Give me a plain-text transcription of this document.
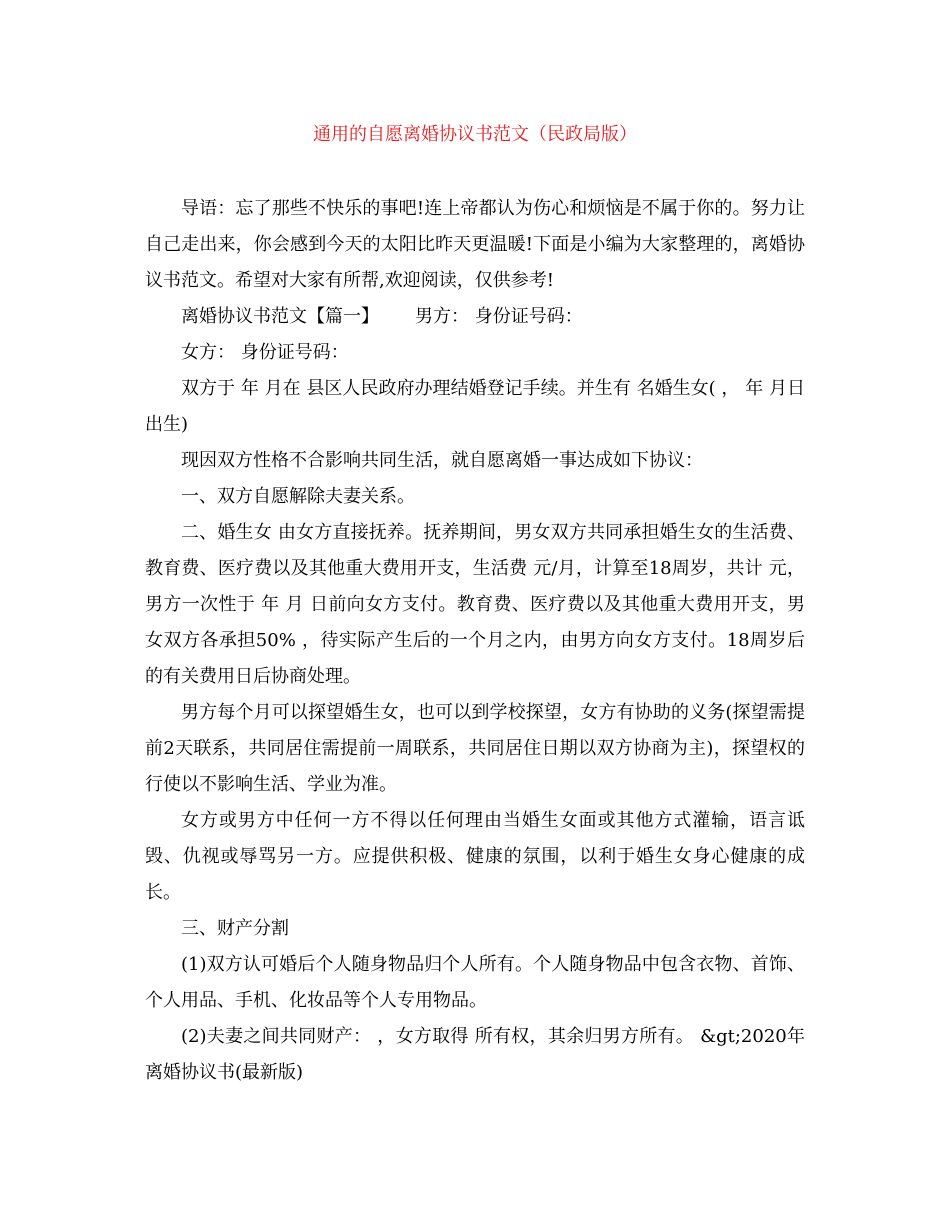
通用的自愿离婚协议书范文（民政局版）

导语：忘了那些不快乐的事吧!连上帝都认为伤心和烦恼是不属于你的。努力让自己走出来，你会感到今天的太阳比昨天更温暖!下面是小编为大家整理的，离婚协议书范文。希望对大家有所帮,欢迎阅读，仅供参考!

离婚协议书范文【篇一】 男方： 身份证号码：

女方： 身份证号码：

双方于 年 月在 县区人民政府办理结婚登记手续。并生有 名婚生女( ， 年 月日出生)

现因双方性格不合影响共同生活，就自愿离婚一事达成如下协议：

一、双方自愿解除夫妻关系。

二、婚生女 由女方直接抚养。抚养期间，男女双方共同承担婚生女的生活费、教育费、医疗费以及其他重大费用开支，生活费 元/月，计算至18周岁，共计 元，男方一次性于 年 月 日前向女方支付。教育费、医疗费以及其他重大费用开支，男女双方各承担50% ，待实际产生后的一个月之内，由男方向女方支付。18周岁后的有关费用日后协商处理。

男方每个月可以探望婚生女，也可以到学校探望，女方有协助的义务(探望需提前2天联系，共同居住需提前一周联系，共同居住日期以双方协商为主)，探望权的行使以不影响生活、学业为准。

女方或男方中任何一方不得以任何理由当婚生女面或其他方式灌输，语言诋毁、仇视或辱骂另一方。应提供积极、健康的氛围，以利于婚生女身心健康的成长。

三、财产分割

(1)双方认可婚后个人随身物品归个人所有。个人随身物品中包含衣物、首饰、个人用品、手机、化妆品等个人专用物品。

(2)夫妻之间共同财产： ，女方取得 所有权，其余归男方所有。 &gt;2020年离婚协议书(最新版)
